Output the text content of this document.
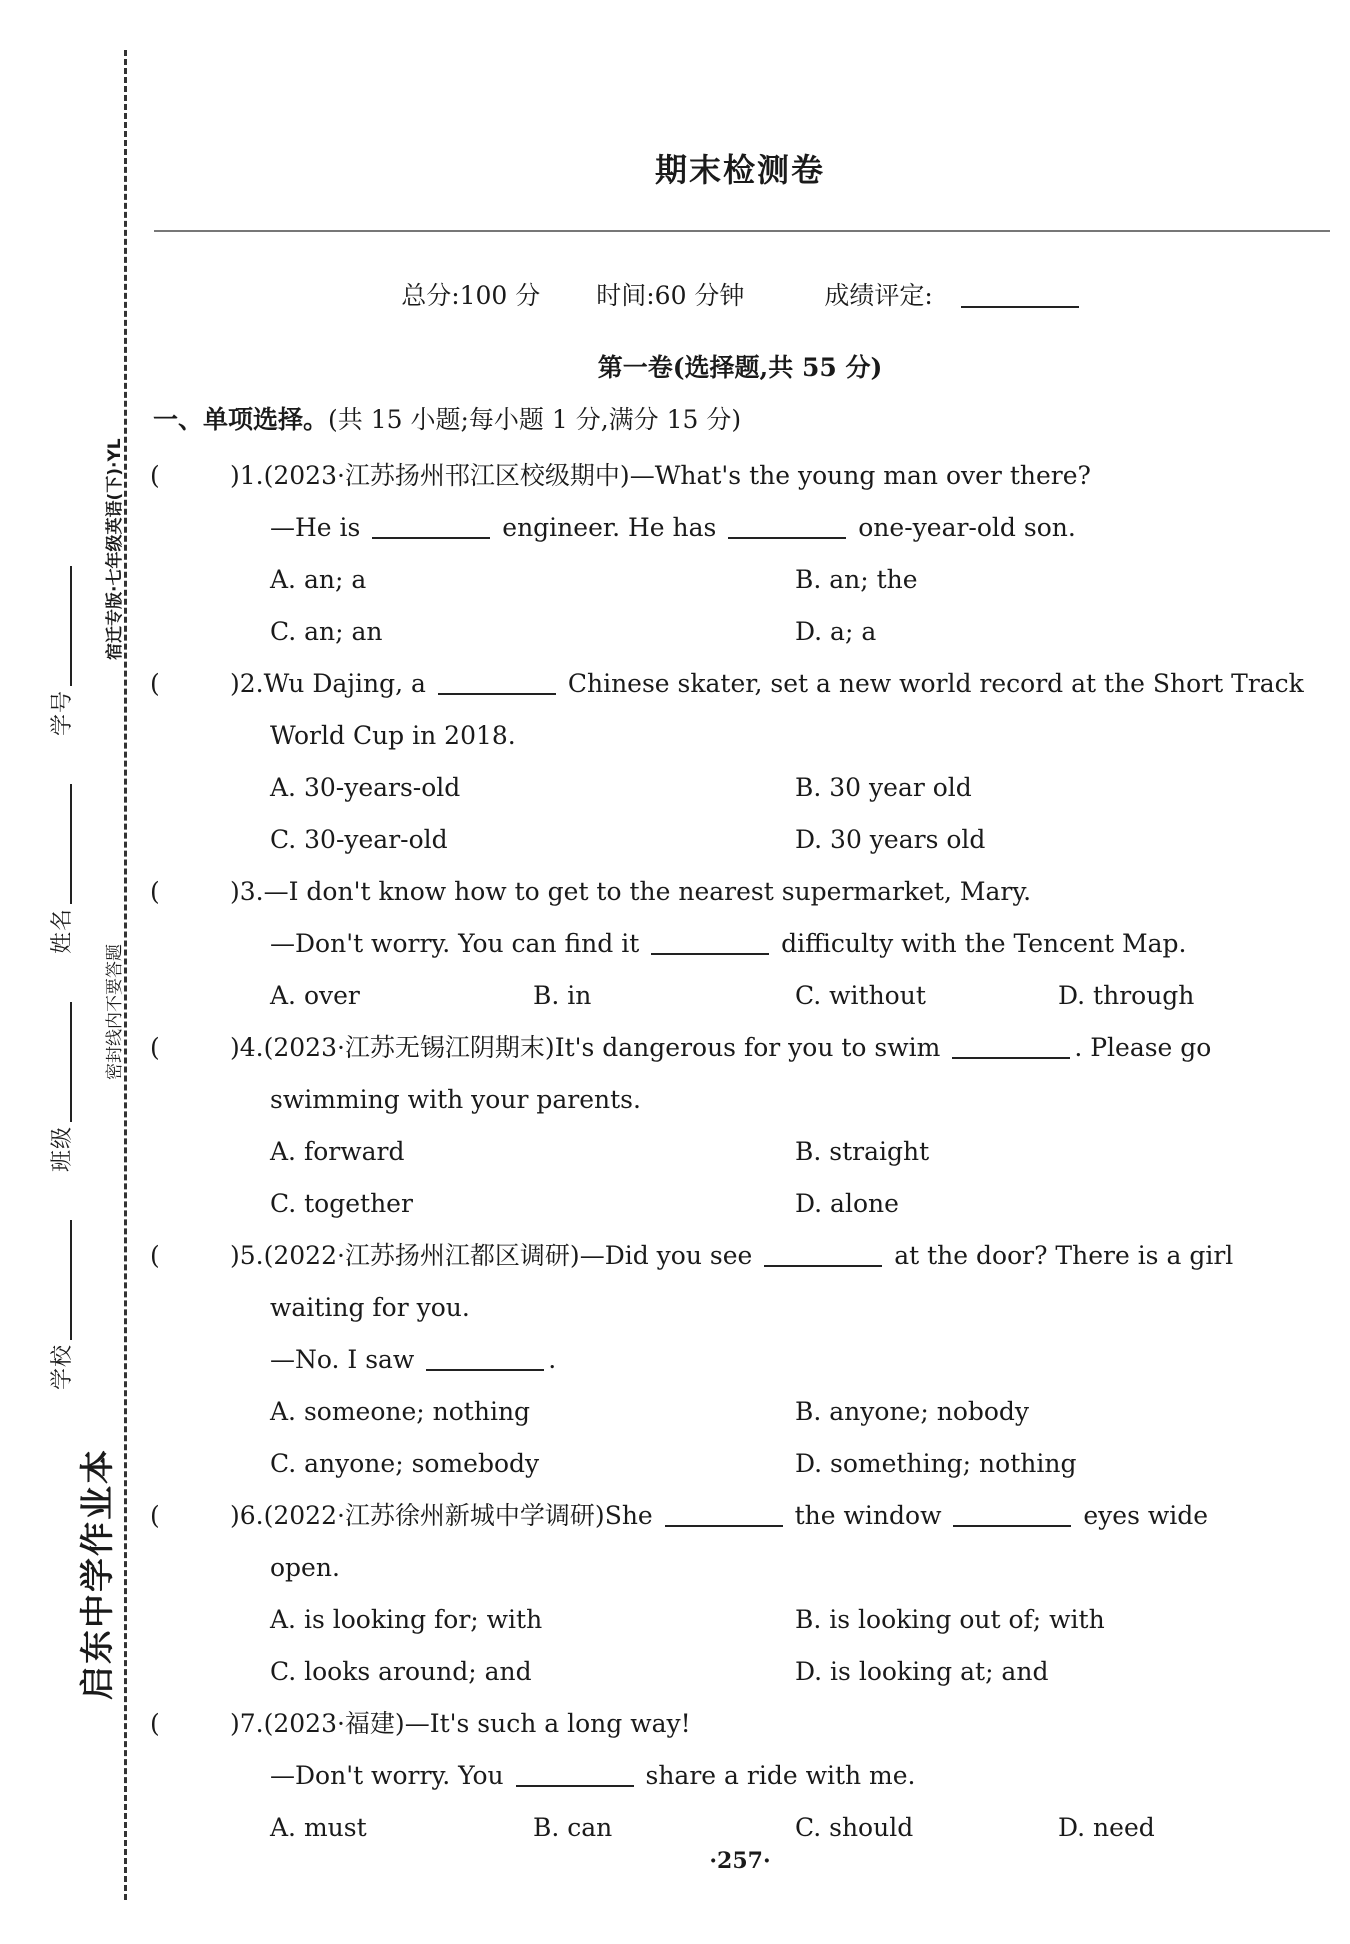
启东中学作业本
学校 班级 姓名 学号
密封线内不要答题
宿迁专版·七年级英语(下)·YL
期末检测卷
总分:100 分 时间:60 分钟	成绩评定:
第一卷(选择题,共 55 分)
一、单项选择。(共 15 小题;每小题 1 分,满分 15 分)
(	)1.(2023·江苏扬州邗江区校级期中)—What's the young man over there?
—He is	engineer. He has	one-year-old son.
A. an; a	B. an; the
C. an; an	D. a; a
(	)2.Wu Dajing, a	Chinese skater, set a new world record at the Short Track
World Cup in 2018.
A. 30-years-old	B. 30 year old
C. 30-year-old	D. 30 years old
(	)3.—I don't know how to get to the nearest supermarket, Mary.
—Don't worry. You can find it	difficulty with the Tencent Map.
A. over	B. in	C. without	D. through
(	)4.(2023·江苏无锡江阴期末)It's dangerous for you to swim	. Please go
swimming with your parents.
A. forward	B. straight
C. together	D. alone
(	)5.(2022·江苏扬州江都区调研)—Did you see	at the door? There is a girl
waiting for you.
—No. I saw	.
A. someone; nothing	B. anyone; nobody
C. anyone; somebody	D. something; nothing
(	)6.(2022·江苏徐州新城中学调研)She	the window	eyes wide
open.
A. is looking for; with	B. is looking out of; with
C. looks around; and	D. is looking at; and
(	)7.(2023·福建)—It's such a long way!
—Don't worry. You	share a ride with me.
A. must	B. can	C. should	D. need
·257·
